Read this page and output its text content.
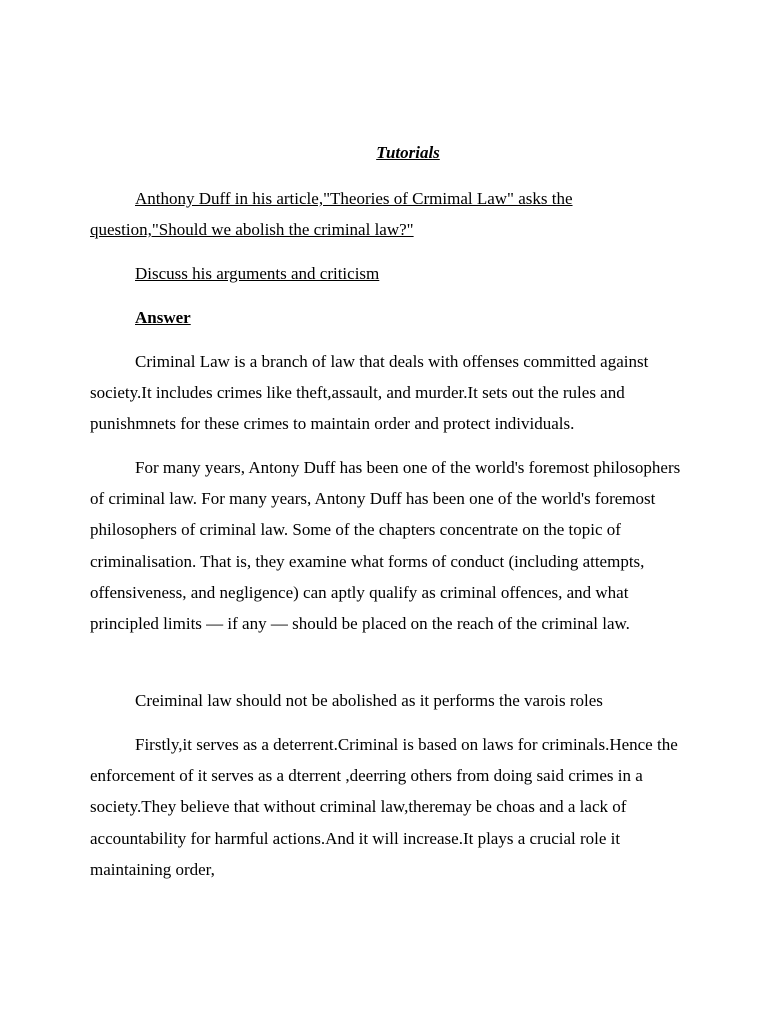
Tutorials

Anthony Duff in his article,"Theories of Crmimal Law" asks the question,"Should we abolish the criminal law?"

Discuss his arguments and criticism

Answer

Criminal Law is a branch of law that deals with offenses committed against society.It includes crimes like theft,assault, and murder.It sets out the rules and punishmnets for these crimes to maintain order and protect individuals.

For many years, Antony Duff has been one of the world's foremost philosophers of criminal law. For many years, Antony Duff has been one of the world's foremost philosophers of criminal law. Some of the chapters concentrate on the topic of criminalisation. That is, they examine what forms of conduct (including attempts, offensiveness, and negligence) can aptly qualify as criminal offences, and what principled limits — if any — should be placed on the reach of the criminal law.

Creiminal law should not be abolished as it performs the varois roles

Firstly,it serves as a deterrent.Criminal is based on laws for criminals.Hence the enforcement of it serves as a dterrent ,deerring others from doing said crimes in a society.They believe that without criminal law,theremay be choas and a lack of accountability for harmful actions.And it will increase.It plays a crucial role it maintaining order,
